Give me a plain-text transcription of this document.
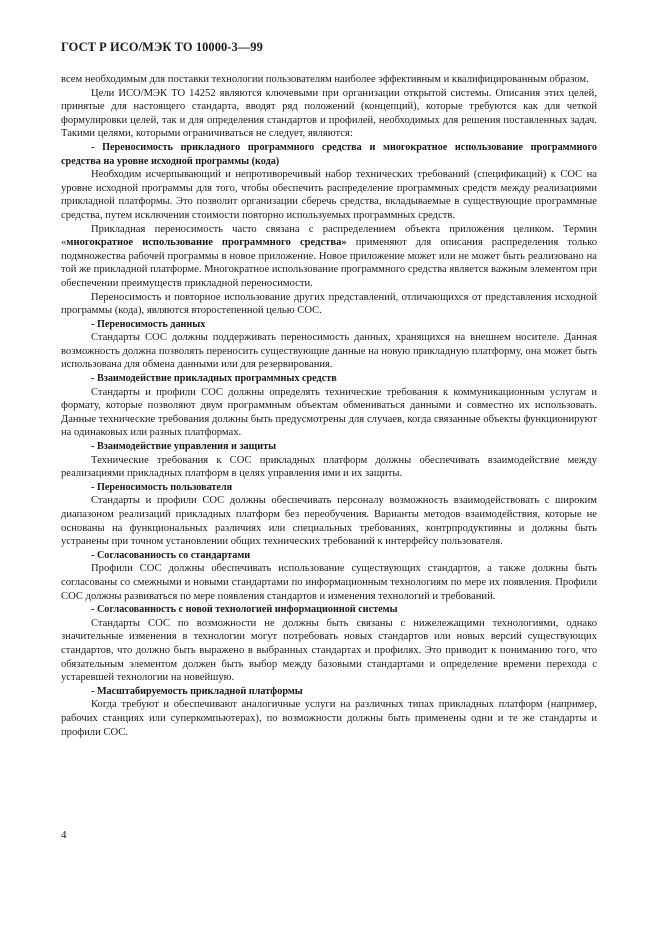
ГОСТ Р ИСО/МЭК ТО 10000-3—99

всем необходимым для поставки технологии пользователям наиболее эффективным и квалифицированным образом.

Цели ИСО/МЭК ТО 14252 являются ключевыми при организации открытой системы. Описания этих целей, принятые для настоящего стандарта, вводят ряд положений (концепций), которые требуются как для четкой формулировки целей, так и для определения стандартов и профилей, необходимых для решения поставленных задач. Такими целями, которыми ограничиваться не следует, являются:

- Переносимость прикладного программного средства и многократное использование программного средства на уровне исходной программы (кода)

Необходим исчерпывающий и непротиворечивый набор технических требований (спецификаций) к СОС на уровне исходной программы для того, чтобы обеспечить распределение программных средств между реализациями прикладной платформы. Это позволит организации сберечь средства, вкладываемые в существующие программные средства, путем исключения стоимости повторно используемых программных средств.

Прикладная переносимость часто связана с распределением объекта приложения целиком. Термин «многократное использование программного средства» применяют для описания распределения только подмножества рабочей программы в новое приложение. Новое приложение может или не может быть реализовано на той же прикладной платформе. Многократное использование программного средства является важным элементом при обеспечении преимуществ прикладной переносимости.

Переносимость и повторное использование других представлений, отличающихся от представления исходной программы (кода), являются второстепенной целью СОС.

- Переносимость данных

Стандарты СОС должны поддерживать переносимость данных, хранящихся на внешнем носителе. Данная возможность должна позволять переносить существующие данные на новую прикладную платформу, она может быть использована для обмена данными или для резервирования.

- Взаимодействие прикладных программных средств

Стандарты и профили СОС должны определять технические требования к коммуникационным услугам и формату, которые позволяют двум программным объектам обмениваться данными и совместно их использовать. Данные технические требования должны быть предусмотрены для случаев, когда связанные объекты функционируют на одинаковых или разных платформах.

- Взаимодействие управления и защиты

Технические требования к СОС прикладных платформ должны обеспечивать взаимодействие между реализациями прикладных платформ в целях управления ими и их защиты.

- Переносимость пользователя

Стандарты и профили СОС должны обеспечивать персоналу возможность взаимодействовать с широким диапазоном реализаций прикладных платформ без переобучения. Варианты методов взаимодействия, которые не основаны на функциональных различиях или специальных требованиях, контрпродуктивны и должны быть устранены при точном установлении общих технических требований к интерфейсу пользователя.

- Согласованность со стандартами

Профили СОС должны обеспечивать использование существующих стандартов, а также должны быть согласованы со смежными и новыми стандартами по информационным технологиям по мере их появления. Профили СОС должны развиваться по мере появления стандартов и изменения технологий и требований.

- Согласованность с новой технологией информационной системы

Стандарты СОС по возможности не должны быть связаны с нижележащими технологиями, однако значительные изменения в технологии могут потребовать новых стандартов или новых версий существующих стандартов, что должно быть выражено в выбранных стандартах и профилях. Это приводит к пониманию того, что обязательным элементом должен быть выбор между базовыми стандартами и определение времени перехода с устаревшей технологии на новейшую.

- Масштабируемость прикладной платформы

Когда требуют и обеспечивают аналогичные услуги на различных типах прикладных платформ (например, рабочих станциях или суперкомпьютерах), по возможности должны быть применены одни и те же стандарты и профили СОС.

4
